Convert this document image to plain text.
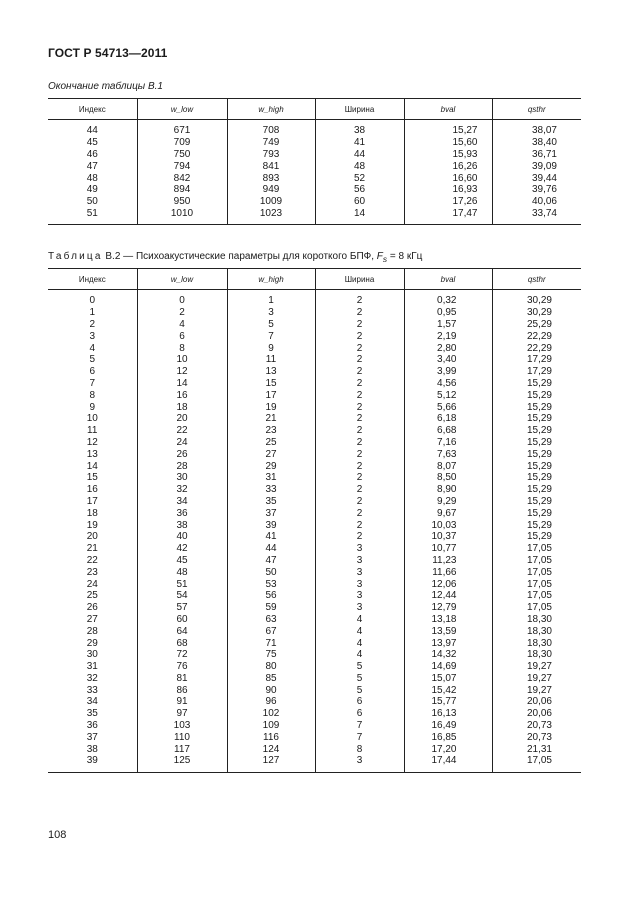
ГОСТ Р 54713—2011
Окончание таблицы В.1
Индекс	w_low	w_high	Ширина	bval	qsthr

44	671	708	38	15,27	38,07
45	709	749	41	15,60	38,40
46	750	793	44	15,93	36,71
47	794	841	48	16,26	39,09
48	842	893	52	16,60	39,44
49	894	949	56	16,93	39,76
50	950	1009	60	17,26	40,06
51	1010	1023	14	17,47	33,74

Таблица В.2 — Психоакустические параметры для короткого БПФ, $F_s = 8$ кГц
Индекс	w_low	w_high	Ширина	bval	qsthr

0	0	1	2	0,32	30,29
1	2	3	2	0,95	30,29
2	4	5	2	1,57	25,29
3	6	7	2	2,19	22,29
4	8	9	2	2,80	22,29
5	10	11	2	3,40	17,29
6	12	13	2	3,99	17,29
7	14	15	2	4,56	15,29
8	16	17	2	5,12	15,29
9	18	19	2	5,66	15,29
10	20	21	2	6,18	15,29
11	22	23	2	6,68	15,29
12	24	25	2	7,16	15,29
13	26	27	2	7,63	15,29
14	28	29	2	8,07	15,29
15	30	31	2	8,50	15,29
16	32	33	2	8,90	15,29
17	34	35	2	9,29	15,29
18	36	37	2	9,67	15,29
19	38	39	2	10,03	15,29
20	40	41	2	10,37	15,29
21	42	44	3	10,77	17,05
22	45	47	3	11,23	17,05
23	48	50	3	11,66	17,05
24	51	53	3	12,06	17,05
25	54	56	3	12,44	17,05
26	57	59	3	12,79	17,05
27	60	63	4	13,18	18,30
28	64	67	4	13,59	18,30
29	68	71	4	13,97	18,30
30	72	75	4	14,32	18,30
31	76	80	5	14,69	19,27
32	81	85	5	15,07	19,27
33	86	90	5	15,42	19,27
34	91	96	6	15,77	20,06
35	97	102	6	16,13	20,06
36	103	109	7	16,49	20,73
37	110	116	7	16,85	20,73
38	117	124	8	17,20	21,31
39	125	127	3	17,44	17,05

108
